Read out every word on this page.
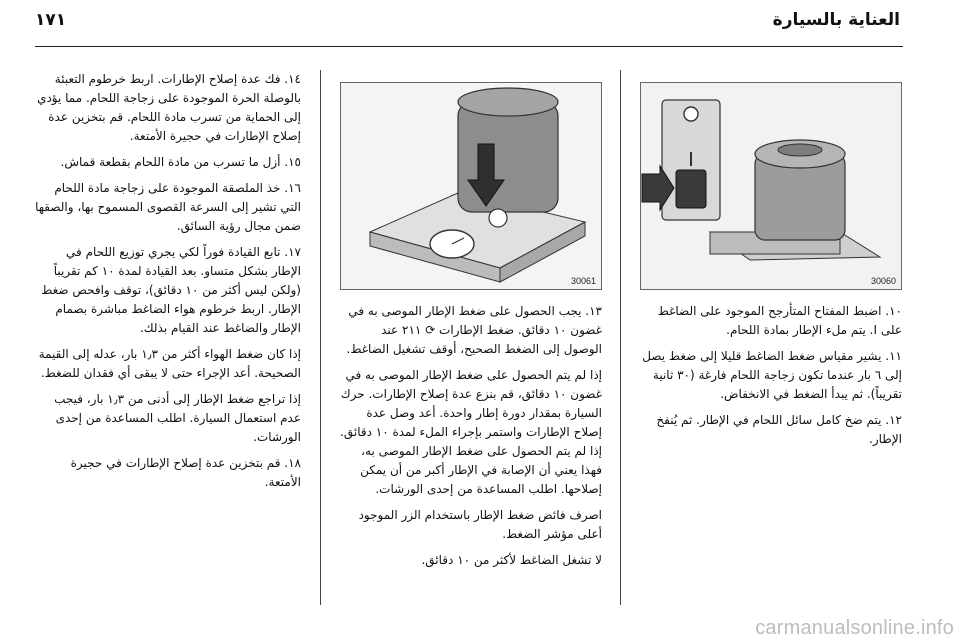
١٧١	العناية بالسيارة
30060
30061

١٠. اضبط المفتاح المتأرجح الموجود على الضاغط على I. يتم ملء الإطار بمادة اللحام.

١١. يشير مقياس ضغط الضاغط قليلا إلى ضغط يصل إلى ٦ بار عندما تكون زجاجة اللحام فارغة (٣٠ ثانية تقريباً). ثم يبدأ الضغط في الانخفاض.

١٢. يتم ضخ كامل سائل اللحام في الإطار. ثم يُنفخ الإطار.

١٣. يجب الحصول على ضغط الإطار الموصى به في غضون ١٠ دقائق. ضغط الإطارات ⟳ ٢١١ عند الوصول إلى الضغط الصحيح، أوقف تشغيل الضاغط.

إذا لم يتم الحصول على ضغط الإطار الموصى به في غضون ١٠ دقائق، قم بنزع عدة إصلاح الإطارات. حرك السيارة بمقدار دورة إطار واحدة. أعد وصل عدة إصلاح الإطارات واستمر بإجراء الملء لمدة ١٠ دقائق. إذا لم يتم الحصول على ضغط الإطار الموصى به، فهذا يعني أن الإصابة في الإطار أكبر من أن يمكن إصلاحها. اطلب المساعدة من إحدى الورشات.

اصرف فائض ضغط الإطار باستخدام الزر الموجود أعلى مؤشر الضغط.

لا تشغل الضاغط لأكثر من ١٠ دقائق.

١٤. فك عدة إصلاح الإطارات. اربط خرطوم التعبئة بالوصلة الحرة الموجودة على زجاجة اللحام. مما يؤدي إلى الحماية من تسرب مادة اللحام. قم بتخزين عدة إصلاح الإطارات في حجيرة الأمتعة.

١٥. أزل ما تسرب من مادة اللحام بقطعة قماش.

١٦. خذ الملصقة الموجودة على زجاجة مادة اللحام التي تشير إلى السرعة القصوى المسموح بها، والصقها ضمن مجال رؤية السائق.

١٧. تابع القيادة فوراً لكي يجري توزيع اللحام في الإطار بشكل متساو. بعد القيادة لمدة ١٠ كم تقريباً (ولكن ليس أكثر من ١٠ دقائق)، توقف وافحص ضغط الإطار. اربط خرطوم هواء الضاغط مباشرة بصمام الإطار والضاغط عند القيام بذلك.

إذا كان ضغط الهواء أكثر من ١٫٣ بار، عدله إلى القيمة الصحيحة. أعد الإجراء حتى لا يبقى أي فقدان للضغط.

إذا تراجع ضغط الإطار إلى أدنى من ١٫٣ بار، فيجب عدم استعمال السيارة. اطلب المساعدة من إحدى الورشات.

١٨. قم بتخزين عدة إصلاح الإطارات في حجيرة الأمتعة.

carmanualsonline.info
